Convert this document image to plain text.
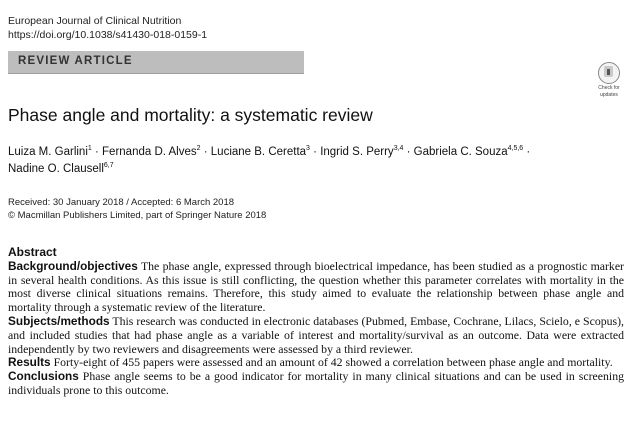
European Journal of Clinical Nutrition
https://doi.org/10.1038/s41430-018-0159-1
REVIEW ARTICLE
Check for
updates
Phase angle and mortality: a systematic review
Luiza M. Garlini$^1$ · Fernanda D. Alves$^2$ · Luciane B. Ceretta$^3$ · Ingrid S. Perry$^{3,4}$ · Gabriela C. Souza$^{4,5,6}$ ·
Nadine O. Clausell$^{6,7}$
Received: 30 January 2018 / Accepted: 6 March 2018
© Macmillan Publishers Limited, part of Springer Nature 2018
Abstract

Background/objectives The phase angle, expressed through bioelectrical impedance, has been studied as a prognostic marker in several health conditions. As this issue is still conflicting, the question whether this parameter correlates with mortality in the most diverse clinical situations remains. Therefore, this study aimed to evaluate the relationship between phase angle and mortality through a systematic review of the literature.

Subjects/methods This research was conducted in electronic databases (Pubmed, Embase, Cochrane, Lilacs, Scielo, e Scopus), and included studies that had phase angle as a variable of interest and mortality/survival as an outcome. Data were extracted independently by two reviewers and disagreements were assessed by a third reviewer.

Results Forty-eight of 455 papers were assessed and an amount of 42 showed a correlation between phase angle and mortality.

Conclusions Phase angle seems to be a good indicator for mortality in many clinical situations and can be used in screening individuals prone to this outcome.
